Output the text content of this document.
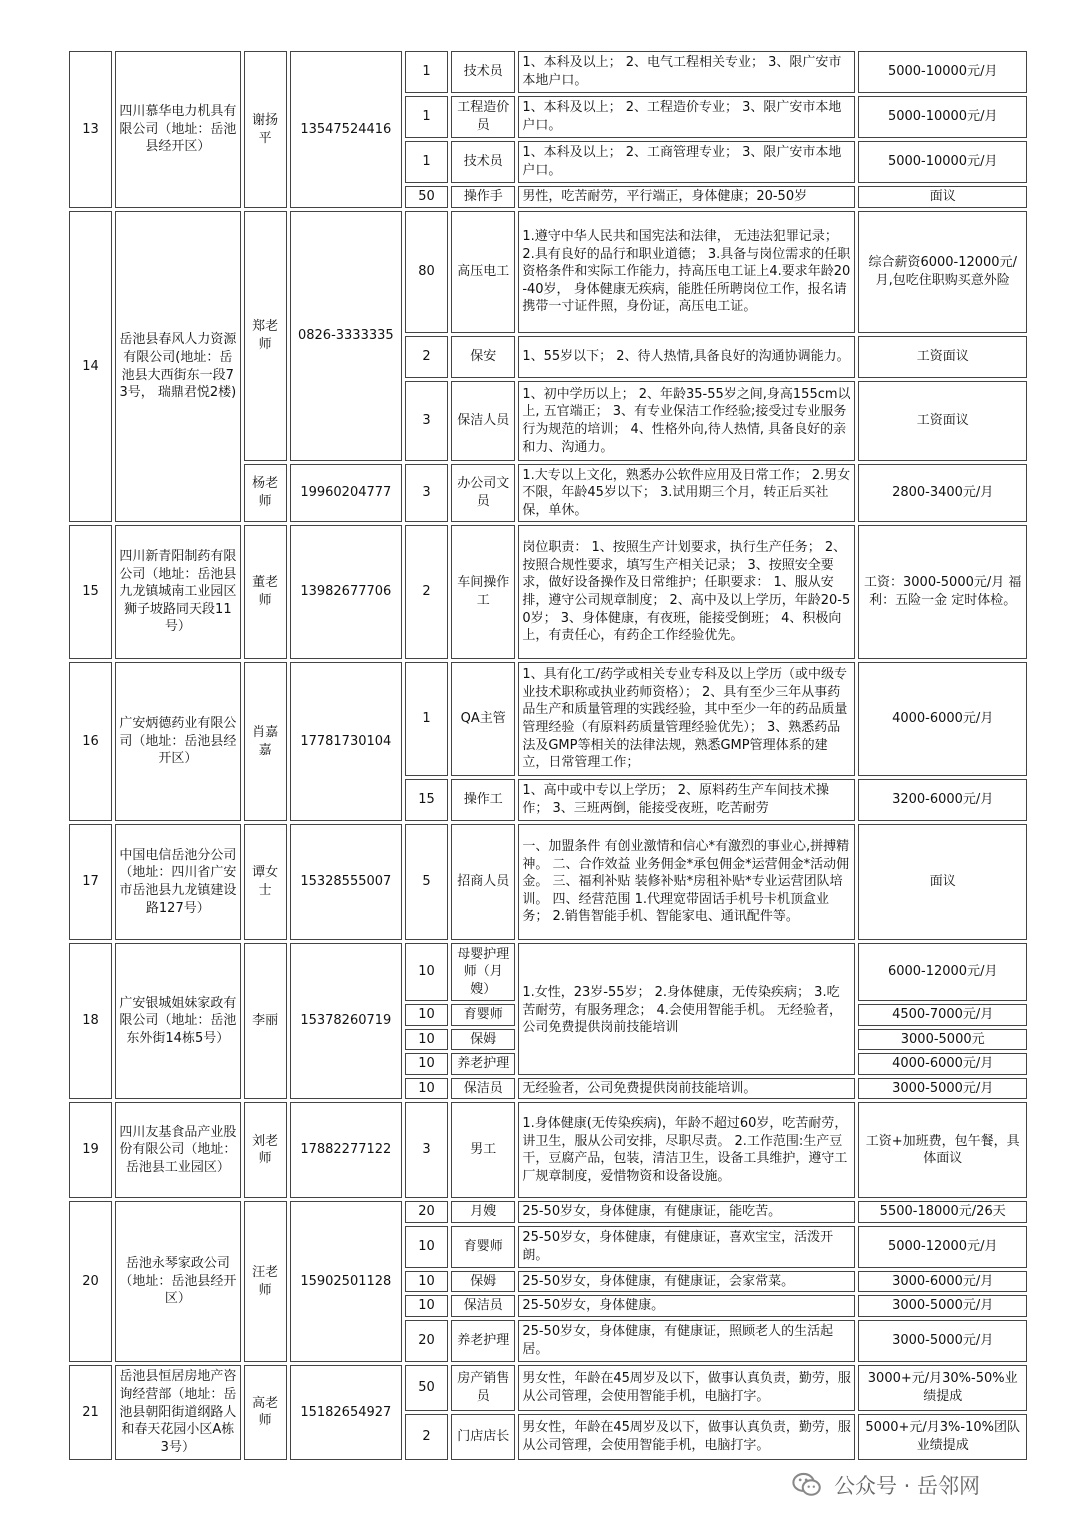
13	四川慕华电力机具有限公司（地址：岳池县经开区）	谢扬平	13547524416	1	技术员	1、本科及以上； 2、电气工程相关专业； 3、限广安市本地户口。	5000-10000元/月
				1	工程造价员	1、本科及以上； 2、工程造价专业； 3、限广安市本地户口。	5000-10000元/月
				1	技术员	1、本科及以上； 2、工商管理专业； 3、限广安市本地户口。	5000-10000元/月
				50	操作手	男性，吃苦耐劳，平行端正，身体健康；20-50岁	面议
14	岳池县春风人力资源有限公司(地址：岳池县大西街东一段73号， 瑞鼎君悦2楼)	郑老师	0826-3333335	80	高压电工	1.遵守中华人民共和国宪法和法律， 无违法犯罪记录； 2.具有良好的品行和职业道德； 3.具备与岗位需求的任职资格条件和实际工作能力，持高压电工证上4.要求年龄20-40岁， 身体健康无疾病，能胜任所聘岗位工作，报名请携带一寸证件照，身份证，高压电工证。	综合薪资6000-12000元/月,包吃住职购买意外险
				2	保安	1、55岁以下； 2、待人热情,具备良好的沟通协调能力。	工资面议
				3	保洁人员	1、初中学历以上； 2、年龄35-55岁之间,身高155cm以上, 五官端正； 3、有专业保洁工作经验;接受过专业服务行为规范的培训； 4、性格外向,待人热情, 具备良好的亲和力、沟通力。	工资面议
		杨老师	19960204777	3	办公司文员	1.大专以上文化，熟悉办公软件应用及日常工作； 2.男女不限，年龄45岁以下； 3.试用期三个月，转正后买社保，单休。	2800-3400元/月
15	四川新青阳制药有限公司（地址：岳池县九龙镇城南工业园区狮子坡路同天段11号）	董老师	13982677706	2	车间操作工	岗位职责： 1、按照生产计划要求，执行生产任务； 2、按照合规性要求，填写生产相关记录； 3、按照安全要求，做好设备操作及日常维护；任职要求： 1、服从安排，遵守公司规章制度； 2、高中及以上学历，年龄20-50岁； 3、身体健康，有夜班，能接受倒班； 4、积极向上，有责任心，有药企工作经验优先。	工资：3000-5000元/月 福利：五险一金 定时体检。
16	广安炳德药业有限公司（地址：岳池县经开区）	肖嘉嘉	17781730104	1	QA主管	1、具有化工/药学或相关专业专科及以上学历（或中级专业技术职称或执业药师资格）； 2、具有至少三年从事药品生产和质量管理的实践经验，其中至少一年的药品质量管理经验（有原料药质量管理经验优先）； 3、熟悉药品法及GMP等相关的法律法规，熟悉GMP管理体系的建立，日常管理工作；	4000-6000元/月
				15	操作工	1、高中或中专以上学历； 2、原料药生产车间技术操作； 3、三班两倒，能接受夜班，吃苦耐劳	3200-6000元/月
17	中国电信岳池分公司（地址：四川省广安市岳池县九龙镇建设路127号）	谭女士	15328555007	5	招商人员	一、加盟条件 有创业激情和信心*有激烈的事业心,拼搏精神。 二、合作效益 业务佣金*承包佣金*运营佣金*活动佣金。 三、福利补贴 装修补贴*房租补贴*专业运营团队培训。 四、经营范围 1.代理宽带固话手机号卡机顶盒业务； 2.销售智能手机、智能家电、通讯配件等。	面议
18	广安银城姐妹家政有限公司（地址：岳池东外街14栋5号）	李丽	15378260719	10	母婴护理师（月嫂）	1.女性，23岁-55岁； 2.身体健康，无传染疾病； 3.吃苦耐劳，有服务理念； 4.会使用智能手机。 无经验者，公司免费提供岗前技能培训	6000-12000元/月
				10	育婴师		4500-7000元/月
				10	保姆		3000-5000元
				10	养老护理		4000-6000元/月
				10	保洁员	无经验者，公司免费提供岗前技能培训。	3000-5000元/月
19	四川友基食品产业股份有限公司（地址：岳池县工业园区）	刘老师	17882277122	3	男工	1.身体健康(无传染疾病)，年龄不超过60岁，吃苦耐劳，讲卫生，服从公司安排，尽职尽责。 2.工作范围:生产豆干，豆腐产品，包装，清洁卫生，设备工具维护，遵守工厂规章制度，爱惜物资和设备设施。	工资+加班费，包午餐，具体面议
20	岳池永琴家政公司（地址：岳池县经开区）	汪老师	15902501128	20	月嫂	25-50岁女，身体健康，有健康证，能吃苦。	5500-18000元/26天
				10	育婴师	25-50岁女，身体健康，有健康证，喜欢宝宝，活泼开朗。	5000-12000元/月
				10	保姆	25-50岁女，身体健康，有健康证，会家常菜。	3000-6000元/月
				10	保洁员	25-50岁女，身体健康。	3000-5000元/月
				20	养老护理	25-50岁女，身体健康，有健康证，照顾老人的生活起居。	3000-5000元/月
21	岳池县恒居房地产咨询经营部（地址：岳池县朝阳街道纲路人和春天花园小区A栋3号）	高老师	15182654927	50	房产销售员	男女性，年龄在45周岁及以下，做事认真负责，勤劳，服从公司管理，会使用智能手机，电脑打字。	3000+元/月30%-50%业绩提成
				2	门店店长	男女性，年龄在45周岁及以下，做事认真负责，勤劳，服从公司管理，会使用智能手机，电脑打字。	5000+元/月3%-10%团队业绩提成
公众号 · 岳邻网
